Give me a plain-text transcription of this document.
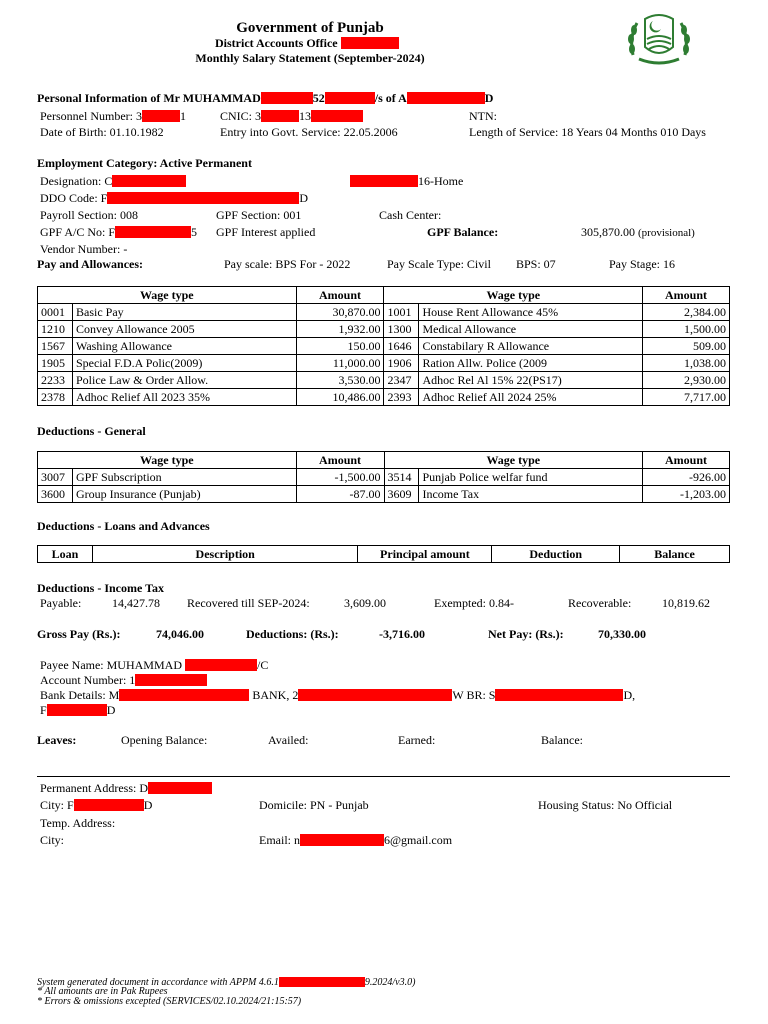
Government of Punjab
District Accounts Office
Monthly Salary Statement (September-2024)
Personal Information of Mr MUHAMMAD	52	/s of A	D
Personnel Number: 3	1	CNIC: 3	13	NTN:
Date of Birth: 01.10.1982	Entry into Govt. Service: 22.05.2006	Length of Service: 18 Years 04 Months 010 Days
Employment Category: Active Permanent
Designation: C	16-Home
DDO Code: F	D
Payroll Section: 008	GPF Section: 001	Cash Center:
GPF A/C No: F	5 GPF Interest applied	GPF Balance:	305,870.00 (provisional)
Vendor Number: -
Pay and Allowances:	Pay scale: BPS For - 2022	Pay Scale Type: Civil BPS: 07	Pay Stage: 16
Wage type		Amount	Wage type		Amount
0001	Basic Pay	30,870.00	1001	House Rent Allowance 45%	2,384.00
1210	Convey Allowance 2005	1,932.00	1300	Medical Allowance	1,500.00
1567	Washing Allowance	150.00	1646	Constabilary R Allowance	509.00
1905	Special F.D.A Polic(2009)	11,000.00	1906	Ration Allw. Police (2009	1,038.00
2233	Police Law & Order Allow.	3,530.00	2347	Adhoc Rel Al 15% 22(PS17)	2,930.00
2378	Adhoc Relief All 2023 35%	10,486.00	2393	Adhoc Relief All 2024 25%	7,717.00
Deductions - General
Wage type		Amount	Wage type		Amount
3007	GPF Subscription	-1,500.00	3514	Punjab Police welfar fund	-926.00
3600	Group Insurance (Punjab)	-87.00	3609	Income Tax	-1,203.00
Deductions - Loans and Advances
Loan	Description	Principal amount	Deduction	Balance
Deductions - Income Tax
Payable:	14,427.78 Recovered till SEP-2024:	3,609.00	Exempted: 0.84-	Recoverable:	10,819.62
Gross Pay (Rs.):	74,046.00	Deductions: (Rs.):	-3,716.00	Net Pay: (Rs.):	70,330.00
Payee Name: MUHAMMAD	/C
Account Number: 1
Bank Details: M	BANK, 2	W BR: S	D,
F	D
Leaves:	Opening Balance:	Availed:	Earned:	Balance:
Permanent Address: D
City: F	D	Domicile: PN - Punjab	Housing Status: No Official
Temp. Address:
City:	Email: n	6@gmail.com
System generated document in accordance with APPM 4.6.1	9.2024/v3.0)
* All amounts are in Pak Rupees
* Errors & omissions excepted (SERVICES/02.10.2024/21:15:57)
